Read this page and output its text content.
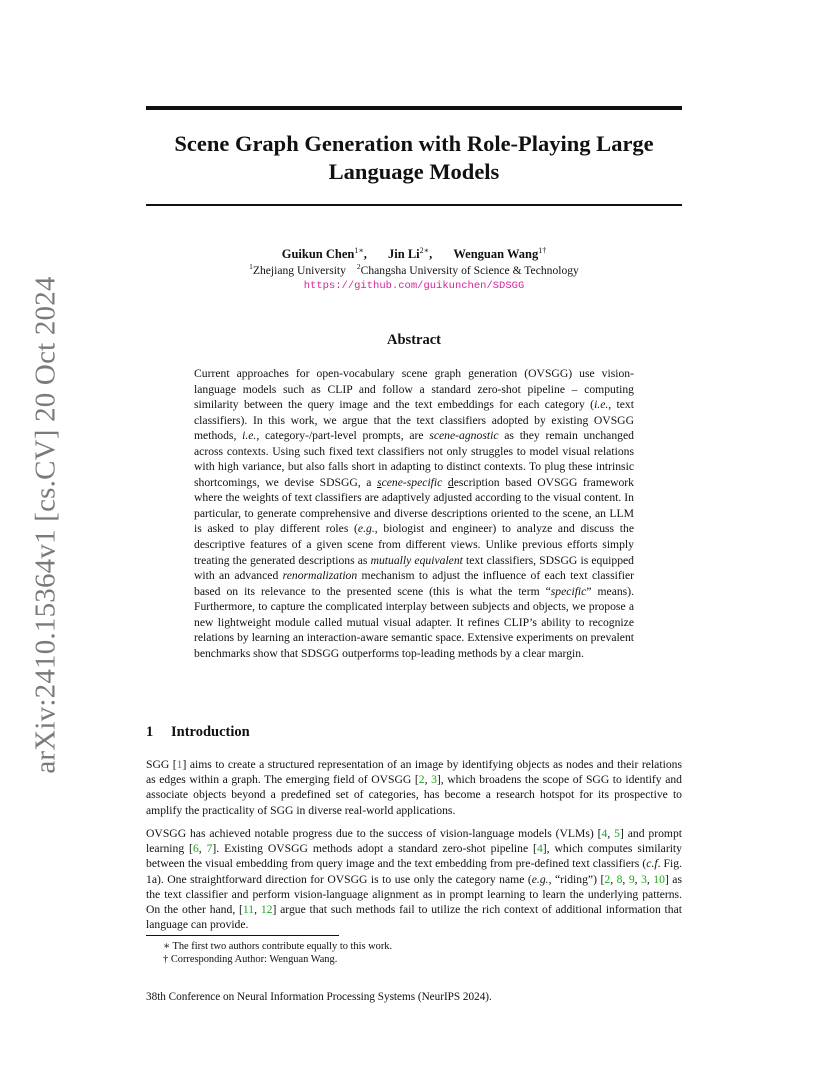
arXiv:2410.15364v1 [cs.CV] 20 Oct 2024
Scene Graph Generation with Role-Playing Large Language Models
Guikun Chen$^{1∗}$, Jin $Li^{2∗}$, Wenguan Wang$^{1\dagger}$
$^1$Zhejiang University $^2$Changsha University of Science & Technology
https://github.com/guikunchen/SDSGG
Abstract

Current approaches for open-vocabulary scene graph generation (OVSGG) use vision-language models such as CLIP and follow a standard zero-shot pipeline – computing similarity between the query image and the text embeddings for each category (i.e., text classifiers). In this work, we argue that the text classifiers adopted by existing OVSGG methods, i.e., category-/part-level prompts, are scene-agnostic as they remain unchanged across contexts. Using such fixed text classifiers not only struggles to model visual relations with high variance, but also falls short in adapting to distinct contexts. To plug these intrinsic shortcomings, we devise SDSGG, a scene-specific description based OVSGG framework where the weights of text classifiers are adaptively adjusted according to the visual content. In particular, to generate comprehensive and diverse descriptions oriented to the scene, an LLM is asked to play different roles (e.g., biologist and engineer) to analyze and discuss the descriptive features of a given scene from different views. Unlike previous efforts simply treating the generated descriptions as mutually equivalent text classifiers, SDSGG is equipped with an advanced renormalization mechanism to adjust the influence of each text classifier based on its relevance to the presented scene (this is what the term “specific” means). Furthermore, to capture the complicated interplay between subjects and objects, we propose a new lightweight module called mutual visual adapter. It refines CLIP’s ability to recognize relations by learning an interaction-aware semantic space. Extensive experiments on prevalent benchmarks show that SDSGG outperforms top-leading methods by a clear margin.

1 Introduction

SGG [1] aims to create a structured representation of an image by identifying objects as nodes and their relations as edges within a graph. The emerging field of OVSGG [2, 3], which broadens the scope of SGG to identify and associate objects beyond a predefined set of categories, has become a research hotspot for its prospective to amplify the practicality of SGG in diverse real-world applications.

OVSGG has achieved notable progress due to the success of vision-language models (VLMs) [4, 5] and prompt learning [6, 7]. Existing OVSGG methods adopt a standard zero-shot pipeline [4], which computes similarity between the visual embedding from query image and the text embedding from pre-defined text classifiers (c.f. Fig. 1a). One straightforward direction for OVSGG is to use only the category name (e.g., “riding”) [2, 8, 9, 3, 10] as the text classifier and perform vision-language alignment as in prompt learning to learn the underlying patterns. On the other hand, [11, 12] argue that such methods fail to utilize the rich context of additional information that language can provide.

∗ The first two authors contribute equally to this work.
† Corresponding Author: Wenguan Wang.
38th Conference on Neural Information Processing Systems (NeurIPS 2024).
